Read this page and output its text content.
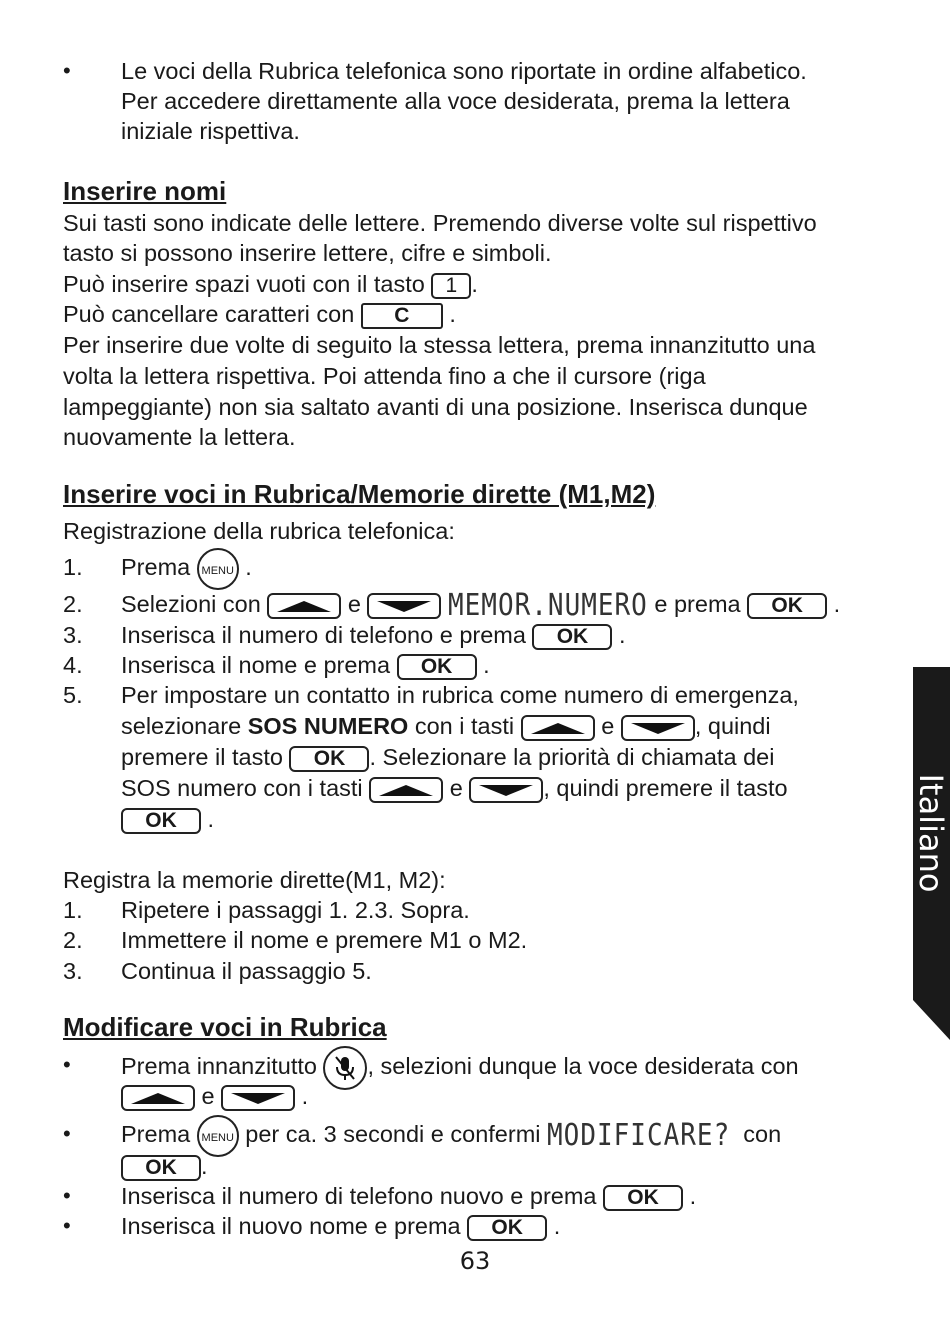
• Le voci della Rubrica telefonica sono riportate in ordine alfabetico.
Per accedere direttamente alla voce desiderata, prema la lettera
iniziale rispettiva.
Inserire nomi
Sui tasti sono indicate delle lettere. Premendo diverse volte sul rispettivo
tasto si possono inserire lettere, cifre e simboli.
Può inserire spazi vuoti con il tasto 1 .
Può cancellare caratteri con C .
Per inserire due volte di seguito la stessa lettera, prema innanzitutto una
volta la lettera rispettiva. Poi attenda fino a che il cursore (riga
lampeggiante) non sia saltato avanti di una posizione. Inserisca dunque
nuovamente la lettera.
Inserire voci in Rubrica/Memorie dirette (M1,M2)
Registrazione della rubrica telefonica:
1. Prema MENU .
2. Selezioni con	e	MEMOR.NUMERO e prema OK .
3. Inserisca il numero di telefono e prema OK .
4. Inserisca il nome e prema OK .
5. Per impostare un contatto in rubrica come numero di emergenza,
selezionare SOS NUMERO con i tasti	e	, quindi
premere il tasto OK . Selezionare la priorità di chiamata dei
SOS numero con i tasti	e	, quindi premere il tasto
OK .
Registra la memorie dirette(M1, M2):
1. Ripetere i passaggi 1. 2.3. Sopra.
2. Immettere il nome e premere M1 o M2.
3. Continua il passaggio 5.
Modificare voci in Rubrica
• Prema innanzitutto , selezioni dunque la voce desiderata con
e	.
• Prema MENU per ca. 3 secondi e confermi MODIFICARE? con
OK .
• Inserisca il numero di telefono nuovo e prema OK .
• Inserisca il nuovo nome e prema OK .
Italiano
63
